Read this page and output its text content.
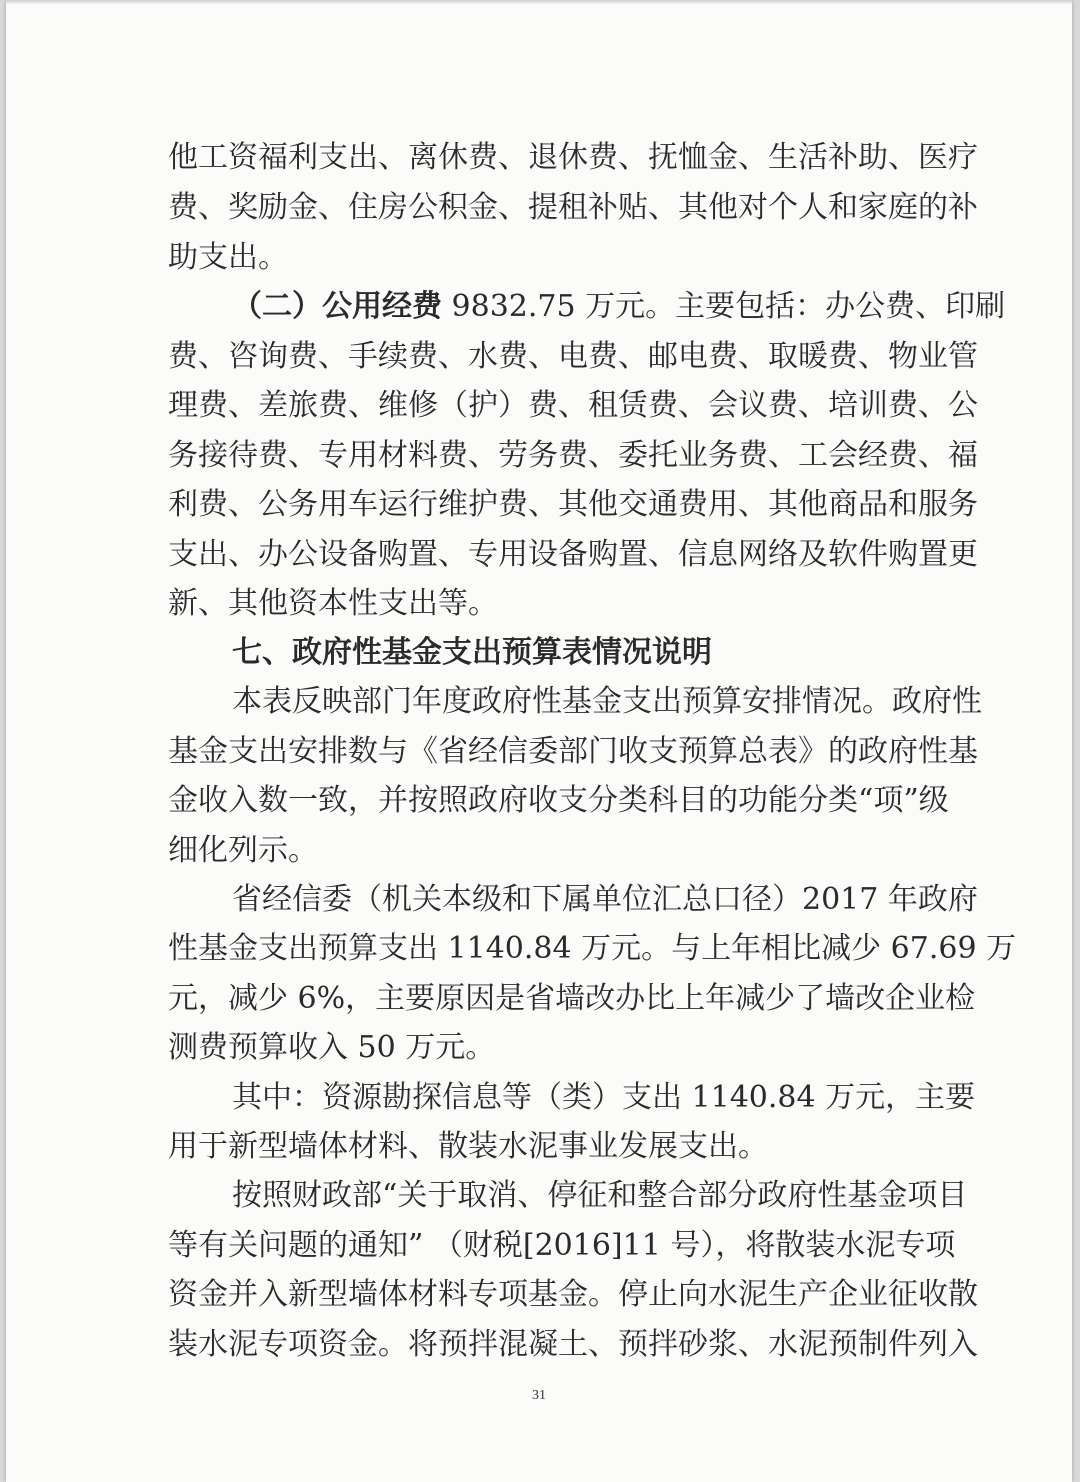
他工资福利支出、离休费、退休费、抚恤金、生活补助、医疗
费、奖励金、住房公积金、提租补贴、其他对个人和家庭的补
助支出。
（二）公用经费 9832.75 万元。主要包括：办公费、印刷
费、咨询费、手续费、水费、电费、邮电费、取暖费、物业管
理费、差旅费、维修（护）费、租赁费、会议费、培训费、公
务接待费、专用材料费、劳务费、委托业务费、工会经费、福
利费、公务用车运行维护费、其他交通费用、其他商品和服务
支出、办公设备购置、专用设备购置、信息网络及软件购置更
新、其他资本性支出等。
七、政府性基金支出预算表情况说明
本表反映部门年度政府性基金支出预算安排情况。政府性
基金支出安排数与《省经信委部门收支预算总表》的政府性基
金收入数一致，并按照政府收支分类科目的功能分类“项”级
细化列示。
省经信委（机关本级和下属单位汇总口径）2017 年政府
性基金支出预算支出 1140.84 万元。与上年相比减少 67.69 万
元，减少 6%，主要原因是省墙改办比上年减少了墙改企业检
测费预算收入 50 万元。
其中：资源勘探信息等（类）支出 1140.84 万元，主要
用于新型墙体材料、散装水泥事业发展支出。
按照财政部“关于取消、停征和整合部分政府性基金项目
等有关问题的通知” （财税[2016]11 号），将散装水泥专项
资金并入新型墙体材料专项基金。停止向水泥生产企业征收散
装水泥专项资金。将预拌混凝土、预拌砂浆、水泥预制件列入
31
